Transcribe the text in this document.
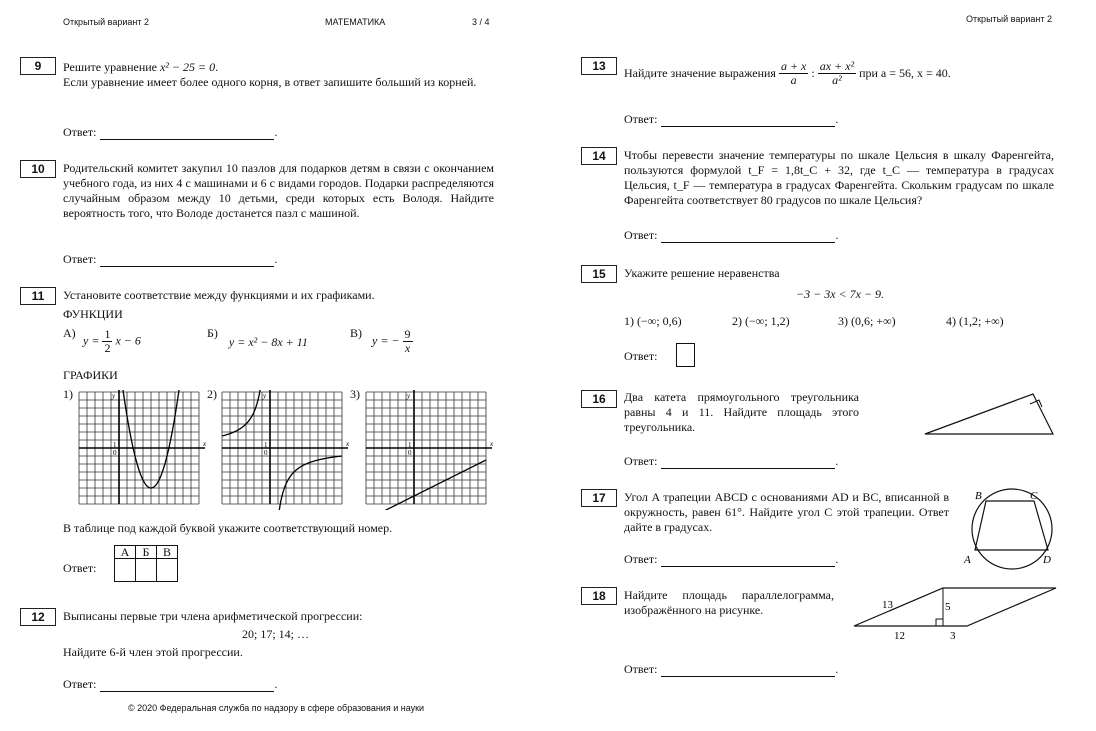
Открытый вариант 2	МАТЕМАТИКА	3 / 4	Открытый вариант 2
9	Решите уравнение x² − 25 = 0.
Если уравнение имеет более одного корня, в ответ запишите больший из корней.
Ответ:	.
10	Родительский комитет закупил 10 пазлов для подарков детям в связи с окончанием учебного года, из них 4 с машинами и 6 с видами городов. Подарки распределяются случайным образом между 10 детьми, среди которых есть Володя. Найдите вероятность того, что Володе достанется пазл с машиной.
Ответ:	.
11	Установите соответствие между функциями и их графиками.
ФУНКЦИИ
А)
$y = \frac{1}{2}$ x − 6
Б) y = x² − 8x + 11
В)
y = − $\frac{9}{x}$
ГРАФИКИ
1)	2)	3)
x
y
1
0
x
y
1
0
x
y
1
0
В таблице под каждой буквой укажите соответствующий номер.
Ответ:
А	Б	В

12	Выписаны первые три члена арифметической прогрессии:
20; 17; 14; …
Найдите 6-й член этой прогрессии.
Ответ:	.
© 2020 Федеральная служба по надзору в сфере образования и науки
13	Найдите значение выражения $\frac{a + x}{a}$ : $\frac{\text{ax + x²}}{\text{a²}}$ при a = 56, x = 40.
Ответ:	.
14	Чтобы перевести значение температуры по шкале Цельсия в шкалу Фаренгейта, пользуются формулой t_F = 1,8t_C + 32, где t_C — температура в градусах Цельсия, t_F — температура в градусах Фаренгейта. Скольким градусам по шкале Фаренгейта соответствует 80 градусов по шкале Цельсия?
Ответ:	.
15	Укажите решение неравенства
−3 − 3x < 7x − 9.
1) (−∞; 0,6)	2) (−∞; 1,2)	3) (0,6; +∞)	4) (1,2; +∞)
Ответ:
16	Два катета прямоугольного треугольника равны 4 и 11. Найдите площадь этого треугольника.
Ответ:	.
17	Угол A трапеции ABCD с основаниями AD и BC, вписанной в окружность, равен 61°. Найдите угол C этой трапеции. Ответ дайте в градусах.
B	C
A	D
Ответ:	.
18	Найдите площадь параллелограмма, изображённого на рисунке.	13	5
12	3
Ответ:	.
